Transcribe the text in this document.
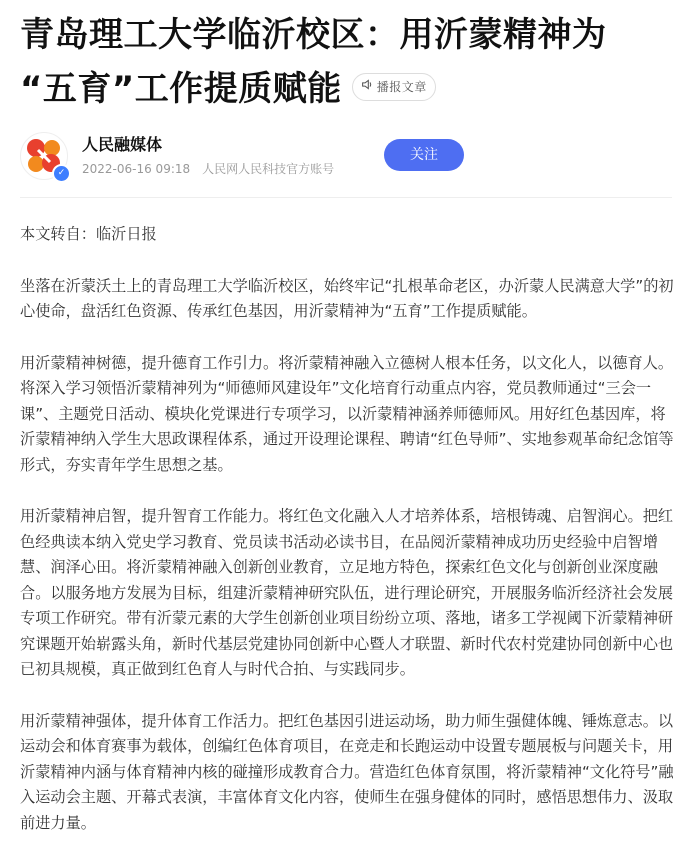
青岛理工大学临沂校区：用沂蒙精神为
“五育”工作提质赋能	播报文章
✓
人民融媒体
2022-06-16 09:18 人民网人民科技官方账号
关注

本文转自：临沂日报

坐落在沂蒙沃土上的青岛理工大学临沂校区，始终牢记“扎根革命老区，办沂蒙人民满意大学”的初心使命，盘活红色资源、传承红色基因，用沂蒙精神为“五育”工作提质赋能。

用沂蒙精神树德，提升德育工作引力。将沂蒙精神融入立德树人根本任务，以文化人，以德育人。将深入学习领悟沂蒙精神列为“师德师风建设年”文化培育行动重点内容，党员教师通过“三会一课”、主题党日活动、模块化党课进行专项学习，以沂蒙精神涵养师德师风。用好红色基因库，将沂蒙精神纳入学生大思政课程体系，通过开设理论课程、聘请“红色导师”、实地参观革命纪念馆等形式，夯实青年学生思想之基。

用沂蒙精神启智，提升智育工作能力。将红色文化融入人才培养体系，培根铸魂、启智润心。把红色经典读本纳入党史学习教育、党员读书活动必读书目，在品阅沂蒙精神成功历史经验中启智增慧、润泽心田。将沂蒙精神融入创新创业教育，立足地方特色，探索红色文化与创新创业深度融合。以服务地方发展为目标，组建沂蒙精神研究队伍，进行理论研究，开展服务临沂经济社会发展专项工作研究。带有沂蒙元素的大学生创新创业项目纷纷立项、落地，诸多工学视阈下沂蒙精神研究课题开始崭露头角，新时代基层党建协同创新中心暨人才联盟、新时代农村党建协同创新中心也已初具规模，真正做到红色育人与时代合拍、与实践同步。

用沂蒙精神强体，提升体育工作活力。把红色基因引进运动场，助力师生强健体魄、锤炼意志。以运动会和体育赛事为载体，创编红色体育项目，在竞走和长跑运动中设置专题展板与问题关卡，用沂蒙精神内涵与体育精神内核的碰撞形成教育合力。营造红色体育氛围，将沂蒙精神“文化符号”融入运动会主题、开幕式表演，丰富体育文化内容，使师生在强身健体的同时，感悟思想伟力、汲取前进力量。
